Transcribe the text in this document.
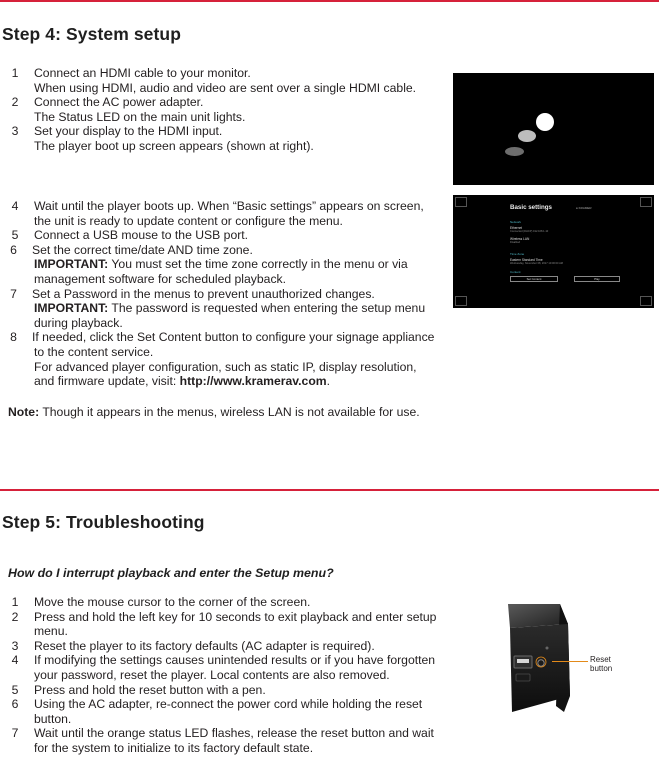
Step 4: System setup
1 Connect an HDMI cable to your monitor.
When using HDMI, audio and video are sent over a single HDMI cable.
2 Connect the AC power adapter.
The Status LED on the main unit lights.
3 Set your display to the HDMI input.
The player boot up screen appears (shown at right).
4 Wait until the player boots up. When “Basic settings” appears on screen,
the unit is ready to update content or configure the menu.
5 Connect a USB mouse to the USB port.
6 Set the correct time/date AND time zone.
IMPORTANT: You must set the time zone correctly in the menu or via
management software for scheduled playback.
7 Set a Password in the menus to prevent unauthorized changes.
IMPORTANT: The password is requested when entering the setup menu
during playback.
8 If needed, click the Set Content button to configure your signage appliance
to the content service.
For advanced player configuration, such as static IP, display resolution,
and firmware update, visit: http://www.kramerav.com.
Note: Though it appears in the menus, wireless LAN is not available for use.
Basic settings	● KRAMER
Network
Ethernet
Connected (DHCP) 192.168.1.10
Wireless LAN
Disabled
Time Zone
Eastern Standard Time
Wednesday, November 08, 2017 10:00:00 AM
Content
Set Content	Play
Step 5: Troubleshooting
How do I interrupt playback and enter the Setup menu?
1 Move the mouse cursor to the corner of the screen.
2 Press and hold the left key for 10 seconds to exit playback and enter setup
menu.
3 Reset the player to its factory defaults (AC adapter is required).
4 If modifying the settings causes unintended results or if you have forgotten
your password, reset the player. Local contents are also removed.
5 Press and hold the reset button with a pen.
6 Using the AC adapter, re-connect the power cord while holding the reset
button.
7 Wait until the orange status LED flashes, release the reset button and wait
for the system to initialize to its factory default state.
Reset
button
